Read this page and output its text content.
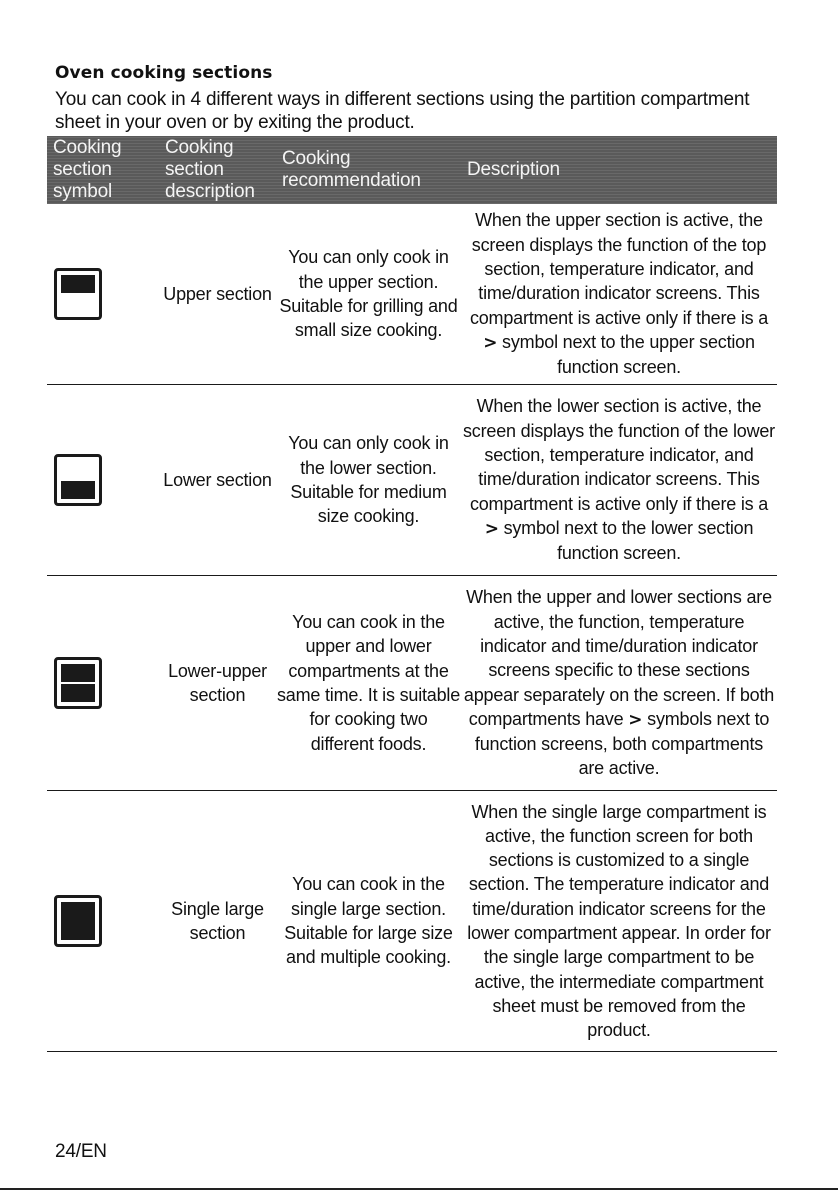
Oven cooking sections
You can cook in 4 different ways in different sections using the partition compartment sheet in your oven or by exiting the product.
Cooking section symbol	Cooking section description	Cooking recommendation	Description

	Upper section	You can only cook in the upper section. Suitable for grilling and small size cooking.	When the upper section is active, the screen displays the function of the top section, temperature indicator, and time/duration indicator screens. This compartment is active only if there is a > symbol next to the upper section function screen.

	Lower section	You can only cook in the lower section. Suitable for medium size cooking.	When the lower section is active, the screen displays the function of the lower section, temperature indicator, and time/duration indicator screens. This compartment is active only if there is a > symbol next to the lower section function screen.

	Lower-upper section	You can cook in the upper and lower compartments at the same time. It is suitable for cooking two different foods.	When the upper and lower sections are active, the function, temperature indicator and time/duration indicator screens specific to these sections appear separately on the screen. If both compartments have > symbols next to function screens, both compartments are active.

	Single large section	You can cook in the single large section. Suitable for large size and multiple cooking.	When the single large compartment is active, the function screen for both sections is customized to a single section. The temperature indicator and time/duration indicator screens for the lower compartment appear. In order for the single large compartment to be active, the intermediate compartment sheet must be removed from the product.
24/EN
